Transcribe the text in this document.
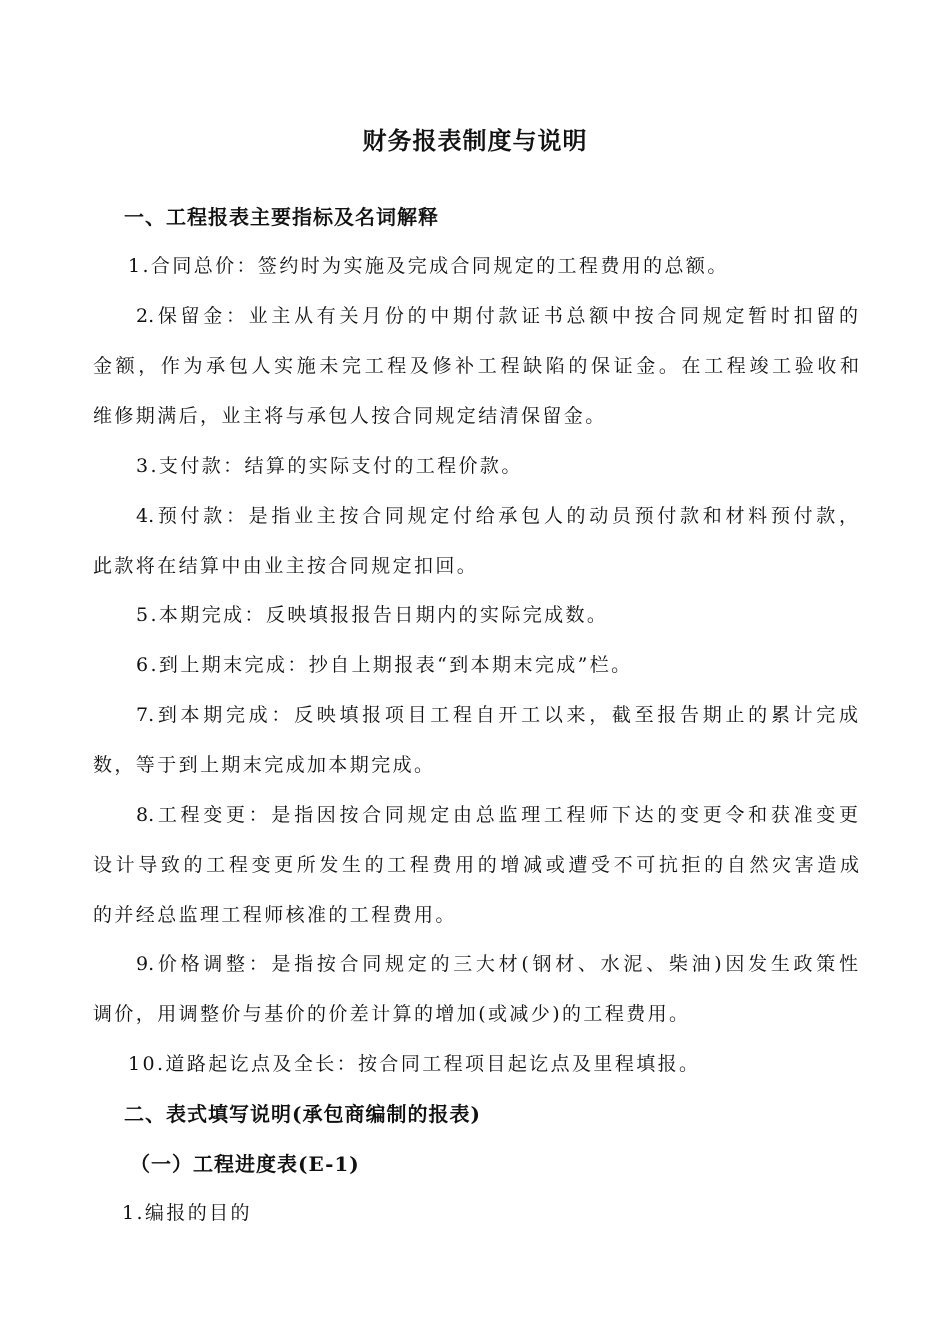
财务报表制度与说明
一、工程报表主要指标及名词解释
1.合同总价：签约时为实施及完成合同规定的工程费用的总额。
2.保留金：业主从有关月份的中期付款证书总额中按合同规定暂时扣留的
金额，作为承包人实施未完工程及修补工程缺陷的保证金。在工程竣工验收和
维修期满后，业主将与承包人按合同规定结清保留金。
3.支付款：结算的实际支付的工程价款。
4.预付款：是指业主按合同规定付给承包人的动员预付款和材料预付款，
此款将在结算中由业主按合同规定扣回。
5.本期完成：反映填报报告日期内的实际完成数。
6.到上期末完成：抄自上期报表“到本期末完成”栏。
7.到本期完成：反映填报项目工程自开工以来，截至报告期止的累计完成
数，等于到上期末完成加本期完成。
8.工程变更：是指因按合同规定由总监理工程师下达的变更令和获准变更
设计导致的工程变更所发生的工程费用的增减或遭受不可抗拒的自然灾害造成
的并经总监理工程师核准的工程费用。
9.价格调整：是指按合同规定的三大材(钢材、水泥、柴油)因发生政策性
调价，用调整价与基价的价差计算的增加(或减少)的工程费用。
10.道路起讫点及全长：按合同工程项目起讫点及里程填报。
二、表式填写说明(承包商编制的报表)
（一）工程进度表(E-1)
1.编报的目的
